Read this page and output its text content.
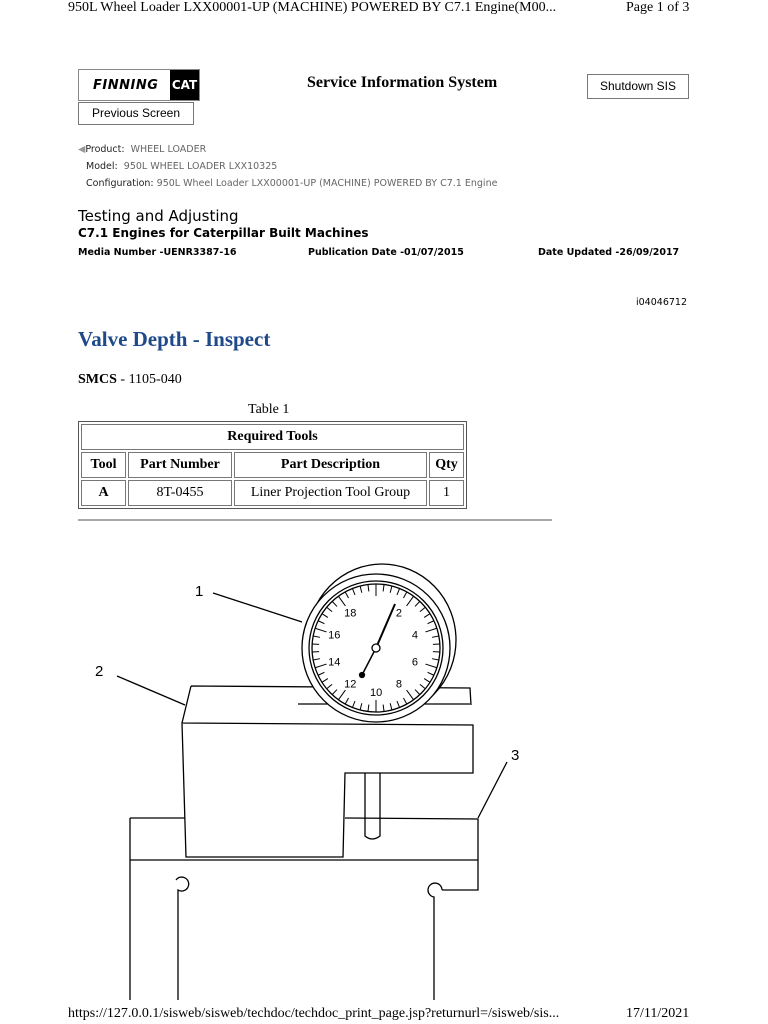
950L Wheel Loader LXX00001-UP (MACHINE) POWERED BY C7.1 Engine(M00...	Page 1 of 3
FINNING CAT	Service Information System	Shutdown SIS
Previous Screen
◀Product: WHEEL LOADER
Model: 950L WHEEL LOADER LXX10325
Configuration: 950L Wheel Loader LXX00001-UP (MACHINE) POWERED BY C7.1 Engine
Testing and Adjusting
C7.1 Engines for Caterpillar Built Machines
Media Number -UENR3387-16	Publication Date -01/07/2015	Date Updated -26/09/2017
i04046712
Valve Depth - Inspect
SMCS - 1105-040
Table 1
Required Tools			
Tool	Part Number	Part Description	Qty
A	8T-0455	Liner Projection Tool Group	1
18
16
14
12
10
8
6
4
2
1
2
3
https://127.0.0.1/sisweb/sisweb/techdoc/techdoc_print_page.jsp?returnurl=/sisweb/sis...	17/11/2021
